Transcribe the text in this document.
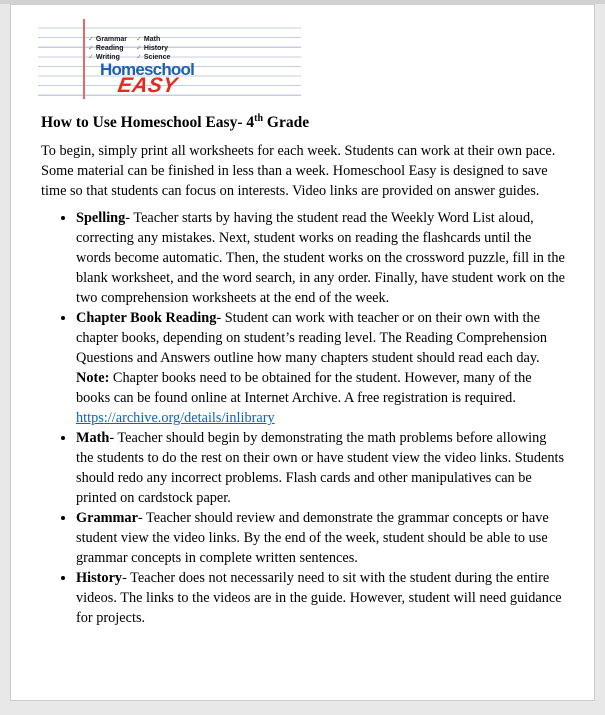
✓ Grammar
✓ Reading
✓ Writing
✓ Math
✓ History
✓ Science
Homeschool
EASY
How to Use Homeschool Easy- 4th Grade

To begin, simply print all worksheets for each week. Students can work at their own pace. Some material can be finished in less than a week. Homeschool Easy is designed to save time so that students can focus on interests. Video links are provided on answer guides.

• Spelling- Teacher starts by having the student read the Weekly Word List aloud, correcting any mistakes. Next, student works on reading the flashcards until the words become automatic. Then, the student works on the crossword puzzle, fill in the blank worksheet, and the word search, in any order. Finally, have student work on the two comprehension worksheets at the end of the week.
• Chapter Book Reading- Student can work with teacher or on their own with the chapter books, depending on student’s reading level. The Reading Comprehension Questions and Answers outline how many chapters student should read each day.
Note: Chapter books need to be obtained for the student. However, many of the books can be found online at Internet Archive. A free registration is required.
https://archive.org/details/inlibrary
• Math- Teacher should begin by demonstrating the math problems before allowing the students to do the rest on their own or have student view the video links. Students should redo any incorrect problems. Flash cards and other manipulatives can be printed on cardstock paper.
• Grammar- Teacher should review and demonstrate the grammar concepts or have student view the video links. By the end of the week, student should be able to use grammar concepts in complete written sentences.
• History- Teacher does not necessarily need to sit with the student during the entire videos. The links to the videos are in the guide. However, student will need guidance for projects.
